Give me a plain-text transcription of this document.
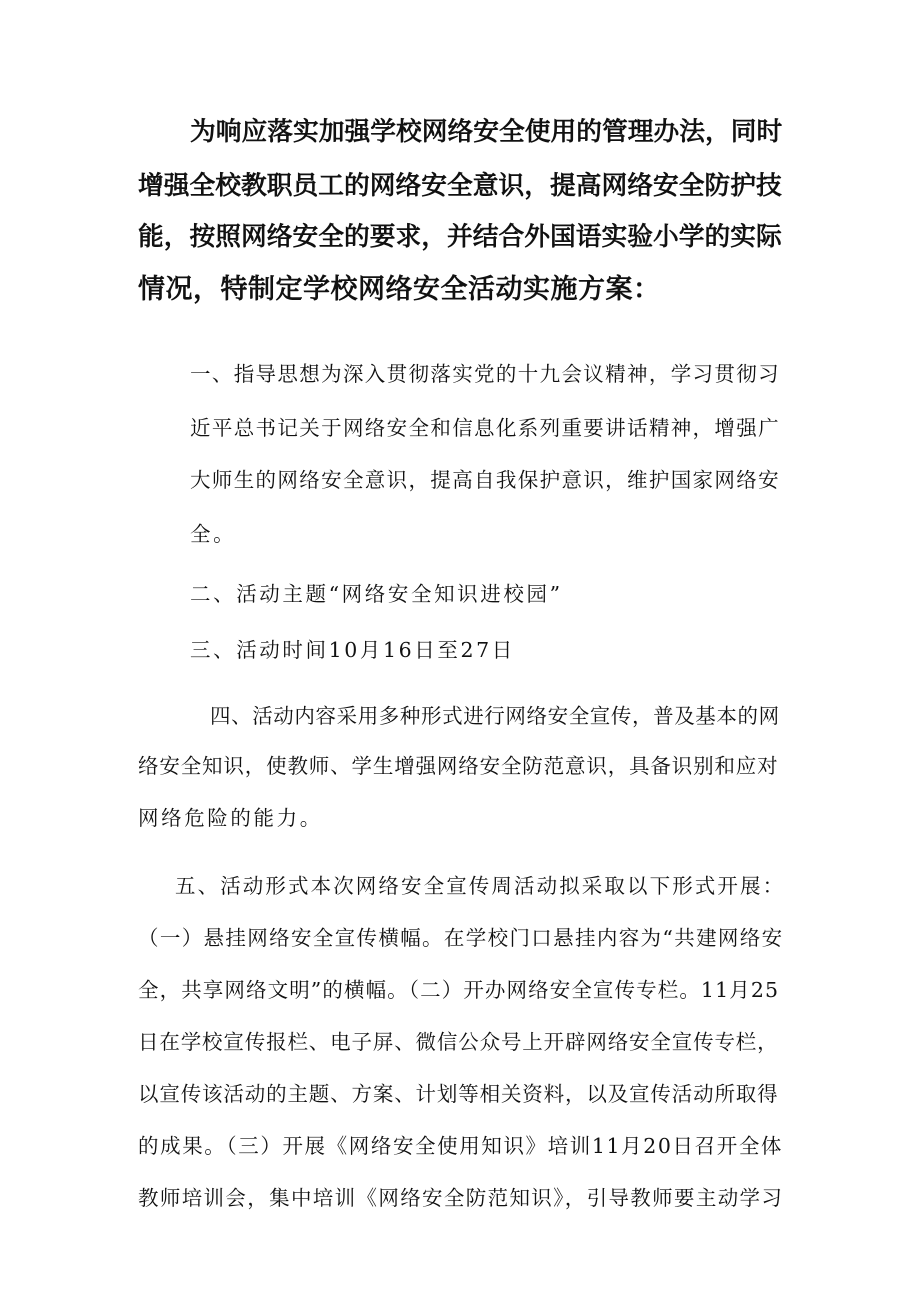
为响应落实加强学校网络安全使用的管理办法，同时

增强全校教职员工的网络安全意识，提高网络安全防护技

能，按照网络安全的要求，并结合外国语实验小学的实际

情况，特制定学校网络安全活动实施方案：

一、指导思想为深入贯彻落实党的十九会议精神，学习贯彻习

近平总书记关于网络安全和信息化系列重要讲话精神，增强广

大师生的网络安全意识，提高自我保护意识，维护国家网络安

全。

二、活动主题“网络安全知识进校园”

三、活动时间10月16日至27日

四、活动内容采用多种形式进行网络安全宣传，普及基本的网

络安全知识，使教师、学生增强网络安全防范意识，具备识别和应对

网络危险的能力。

五、活动形式本次网络安全宣传周活动拟采取以下形式开展：

（一）悬挂网络安全宣传横幅。在学校门口悬挂内容为“共建网络安

全，共享网络文明”的横幅。（二）开办网络安全宣传专栏。11月25

日在学校宣传报栏、电子屏、微信公众号上开辟网络安全宣传专栏，

以宣传该活动的主题、方案、计划等相关资料，以及宣传活动所取得

的成果。（三）开展《网络安全使用知识》培训11月20日召开全体

教师培训会，集中培训《网络安全防范知识》，引导教师要主动学习
